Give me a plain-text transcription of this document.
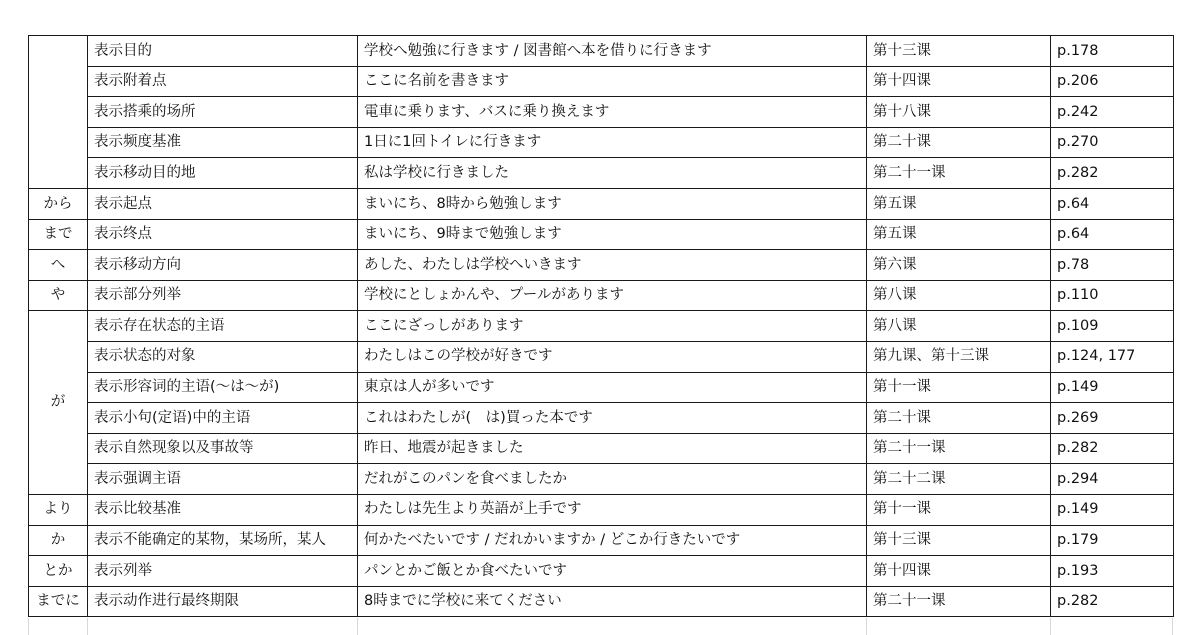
	表示目的	学校へ勉強に行きます / 図書館へ本を借りに行きます	第十三课	p.178
	表示附着点	ここに名前を書きます	第十四课	p.206
	表示搭乘的场所	電車に乗ります、バスに乗り換えます	第十八课	p.242
	表示频度基准	1日に1回トイレに行きます	第二十课	p.270
	表示移动目的地	私は学校に行きました	第二十一课	p.282
から	表示起点	まいにち、8時から勉強します	第五课	p.64
まで	表示终点	まいにち、9時まで勉強します	第五课	p.64
へ	表示移动方向	あした、わたしは学校へいきます	第六课	p.78
や	表示部分列举	学校にとしょかんや、プールがあります	第八课	p.110
が	表示存在状态的主语	ここにざっしがあります	第八课	p.109
	表示状态的对象	わたしはこの学校が好きです	第九课、第十三课	p.124, 177
	表示形容词的主语(～は～が)	東京は人が多いです	第十一课	p.149
	表示小句(定语)中的主语	これはわたしが(　は)買った本です	第二十课	p.269
	表示自然现象以及事故等	昨日、地震が起きました	第二十一课	p.282
	表示强调主语	だれがこのパンを食べましたか	第二十二课	p.294
より	表示比较基准	わたしは先生より英語が上手です	第十一课	p.149
か	表示不能确定的某物，某场所，某人	何かたべたいです / だれかいますか / どこか行きたいです	第十三课	p.179
とか	表示列举	パンとかご飯とか食べたいです	第十四课	p.193
までに	表示动作进行最终期限	8時までに学校に来てください	第二十一课	p.282
